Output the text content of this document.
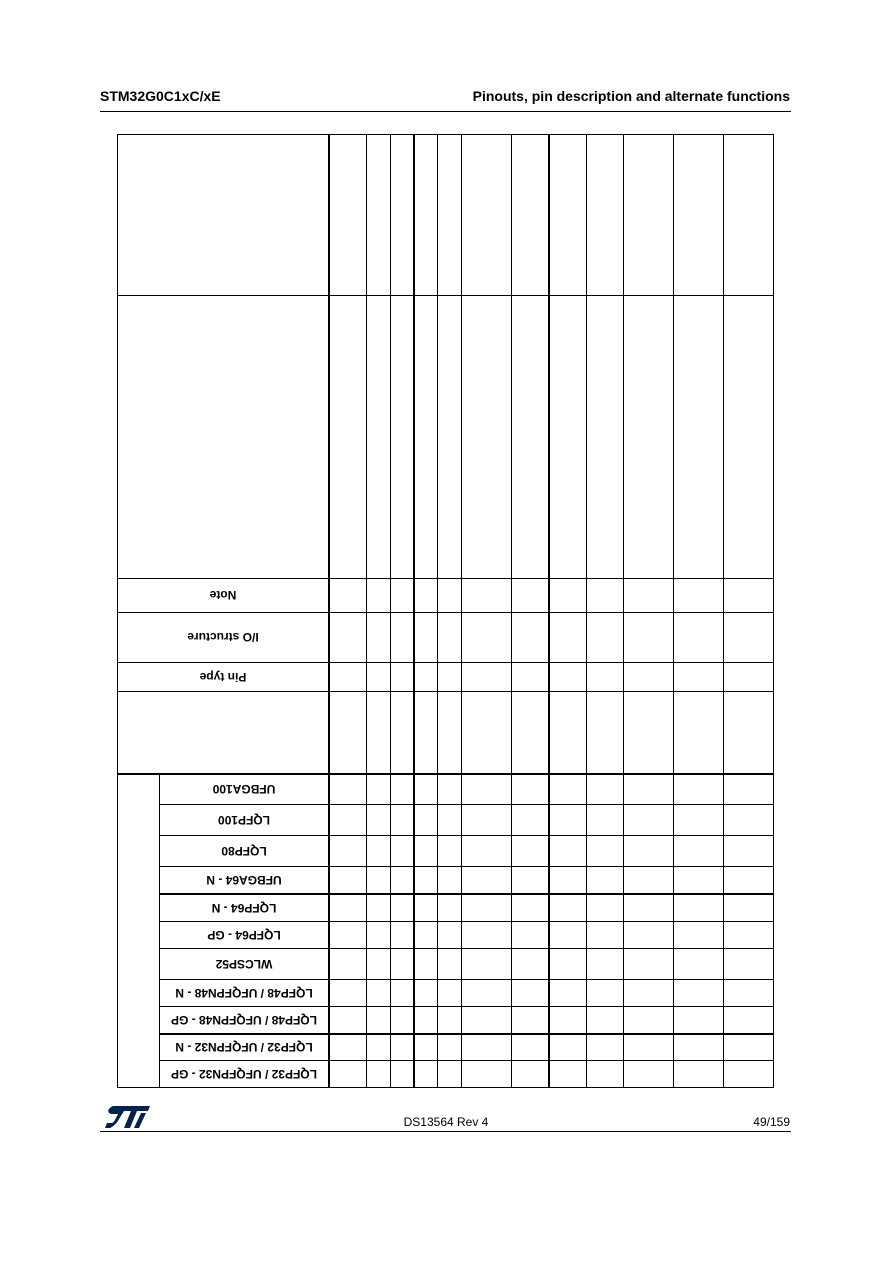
STM32G0C1xC/xE	Pinouts, pin description and alternate functions
Note
I/O structure
Pin type
UFBGA100
LQFP100
LQFP80
UFBGA64 - N
LQFP64 - N
LQFP64 - GP
WLCSP52
LQFP48 / UFQFPN48 - N
LQFP48 / UFQFPN48 - GP
LQFP32 / UFQFPN32 - N
LQFP32 / UFQFPN32 - GP
DS13564 Rev 4	49/159
